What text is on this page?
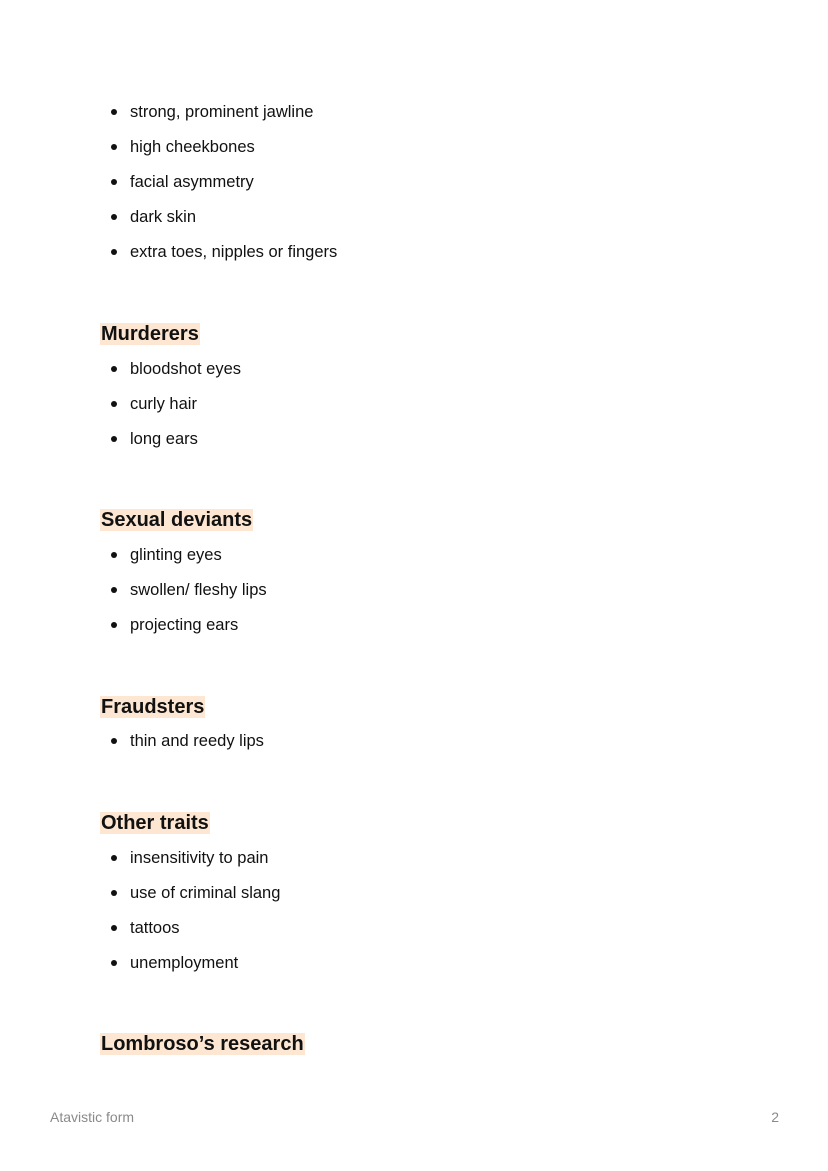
strong, prominent jawline
high cheekbones
facial asymmetry
dark skin
extra toes, nipples or fingers
Murderers
bloodshot eyes
curly hair
long ears
Sexual deviants
glinting eyes
swollen/ fleshy lips
projecting ears
Fraudsters
thin and reedy lips
Other traits
insensitivity to pain
use of criminal slang
tattoos
unemployment
Lombroso’s research
Atavistic form	2
